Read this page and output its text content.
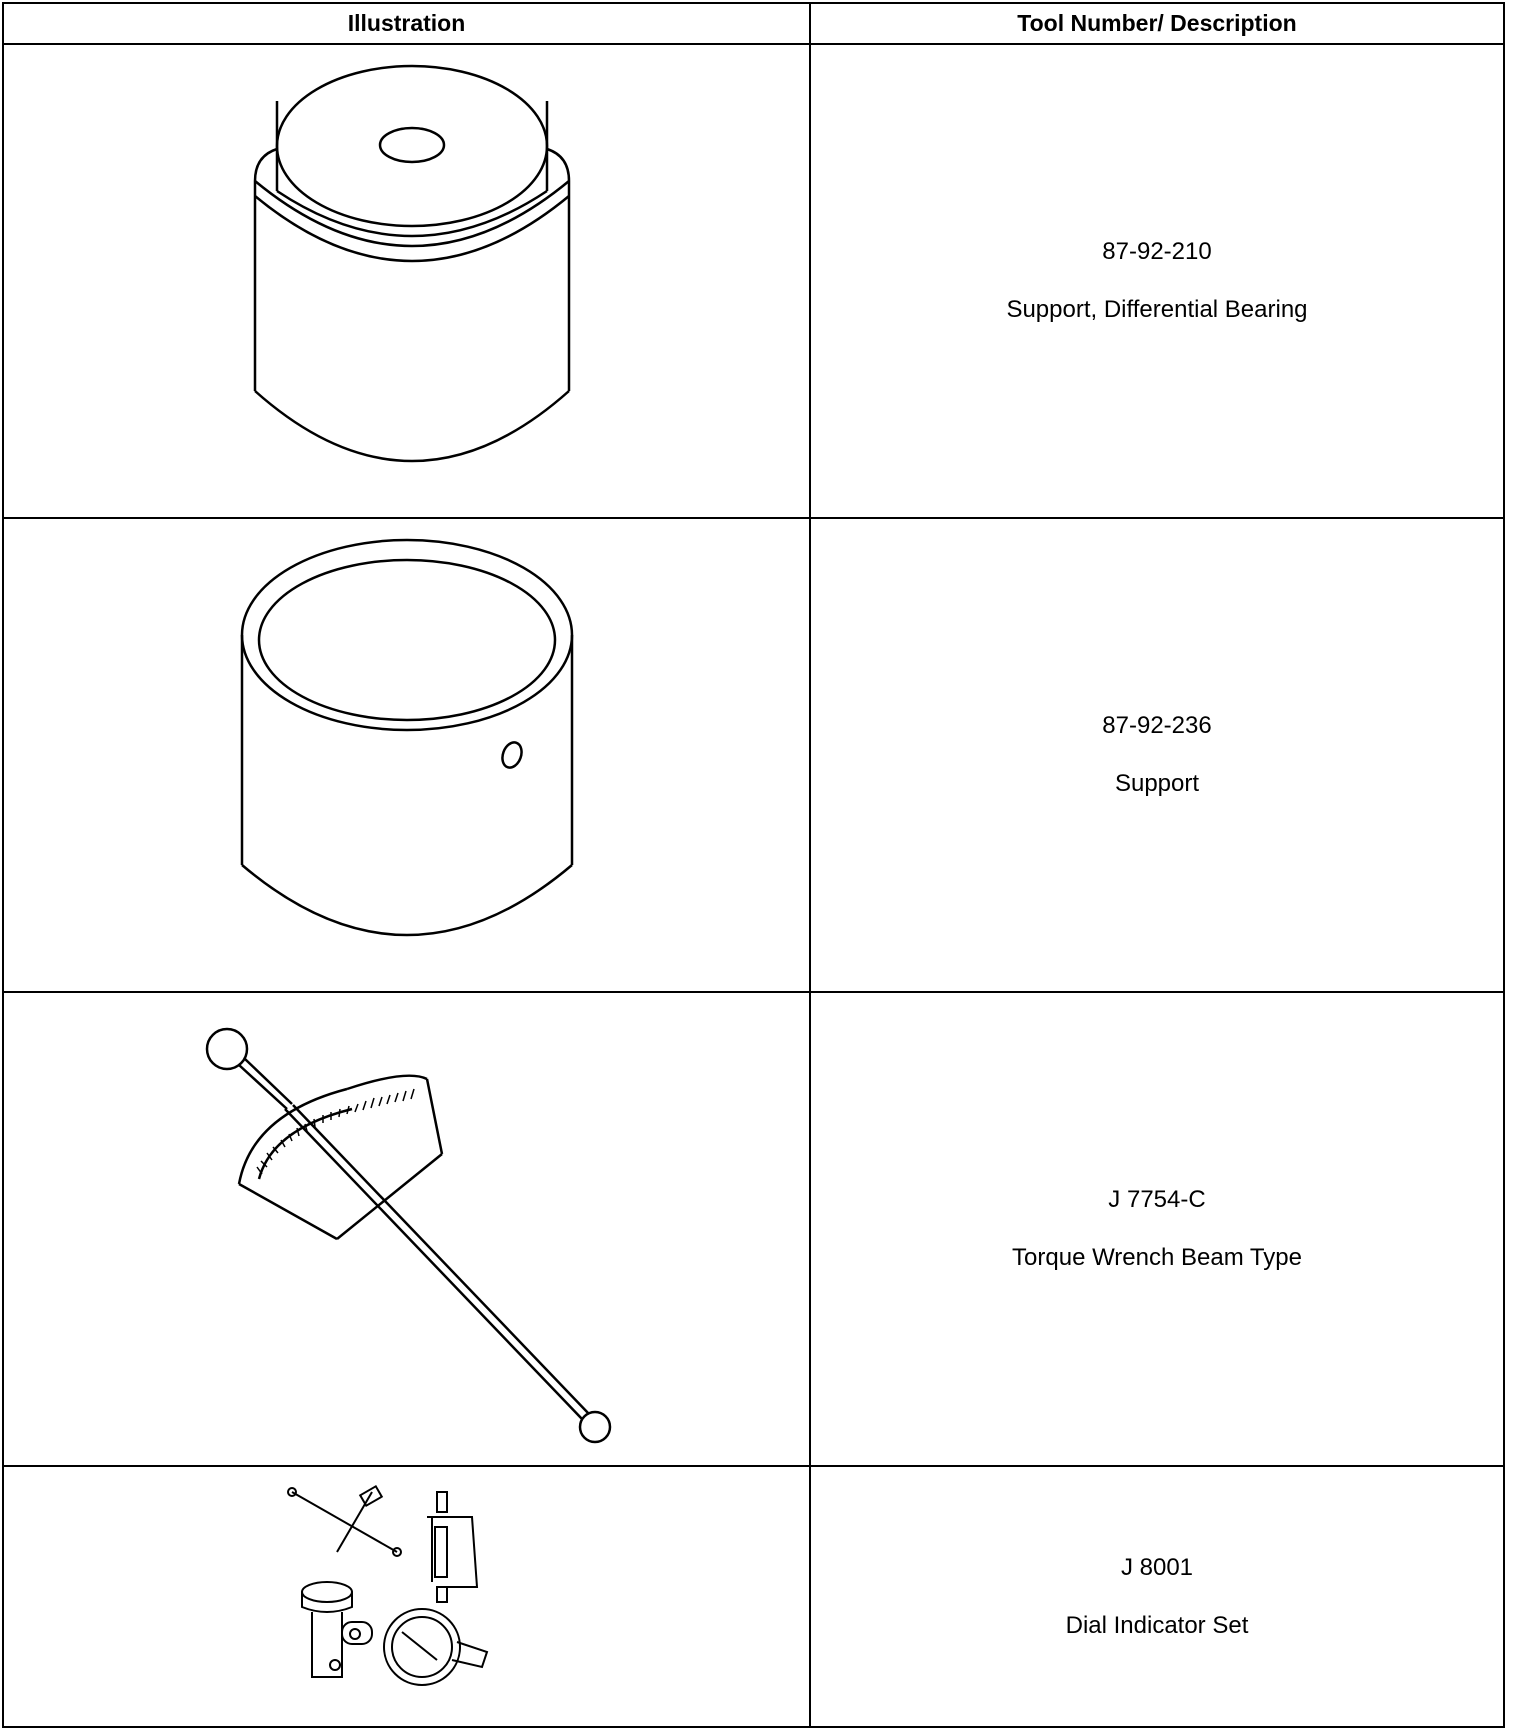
Illustration	Tool Number/ Description

87-92-210
Support, Differential Bearing

87-92-236
Support

J 7754-C
Torque Wrench Beam Type

J 8001
Dial Indicator Set
